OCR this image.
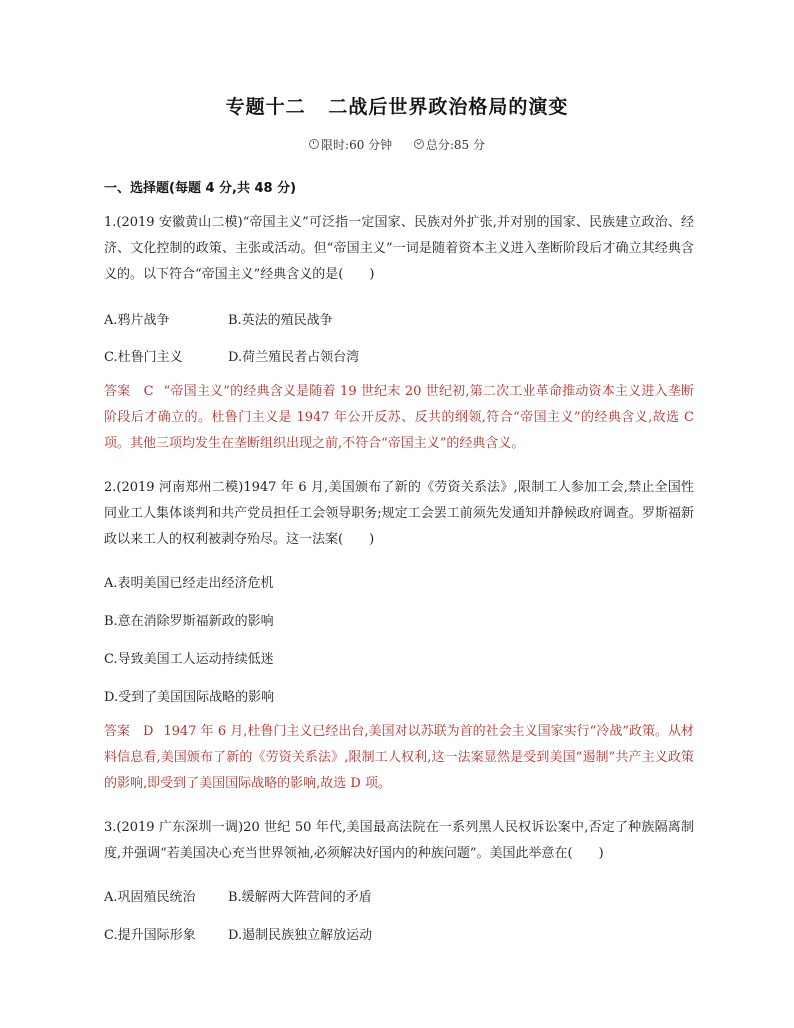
专题十二   二战后世界政治格局的演变
限时:60 分钟	总分:85 分
一、选择题(每题 4 分,共 48 分)
1.(2019 安徽黄山二模)“帝国主义”可泛指一定国家、民族对外扩张,并对别的国家、民族建立政治、经济、文化控制的政策、主张或活动。但“帝国主义”一词是随着资本主义进入垄断阶段后才确立其经典含义的。以下符合“帝国主义”经典含义的是(　　)
A.鸦片战争	B.英法的殖民战争
C.杜鲁门主义	D.荷兰殖民者占领台湾
答案　C “帝国主义”的经典含义是随着 19 世纪末 20 世纪初,第二次工业革命推动资本主义进入垄断阶段后才确立的。杜鲁门主义是 1947 年公开反苏、反共的纲领,符合“帝国主义”的经典含义,故选 C 项。其他三项均发生在垄断组织出现之前,不符合“帝国主义”的经典含义。
2.(2019 河南郑州二模)1947 年 6 月,美国颁布了新的《劳资关系法》,限制工人参加工会,禁止全国性同业工人集体谈判和共产党员担任工会领导职务;规定工会罢工前须先发通知并静候政府调查。罗斯福新政以来工人的权利被剥夺殆尽。这一法案(　　)
A.表明美国已经走出经济危机
B.意在消除罗斯福新政的影响
C.导致美国工人运动持续低迷
D.受到了美国国际战略的影响
答案　D 1947 年 6 月,杜鲁门主义已经出台,美国对以苏联为首的社会主义国家实行“冷战”政策。从材料信息看,美国颁布了新的《劳资关系法》,限制工人权利,这一法案显然是受到美国“遏制”共产主义政策的影响,即受到了美国国际战略的影响,故选 D 项。
3.(2019 广东深圳一调)20 世纪 50 年代,美国最高法院在一系列黑人民权诉讼案中,否定了种族隔离制度,并强调“若美国决心充当世界领袖,必须解决好国内的种族问题”。美国此举意在(　　)
A.巩固殖民统治 B.缓解两大阵营间的矛盾
C.提升国际形象 D.遏制民族独立解放运动
